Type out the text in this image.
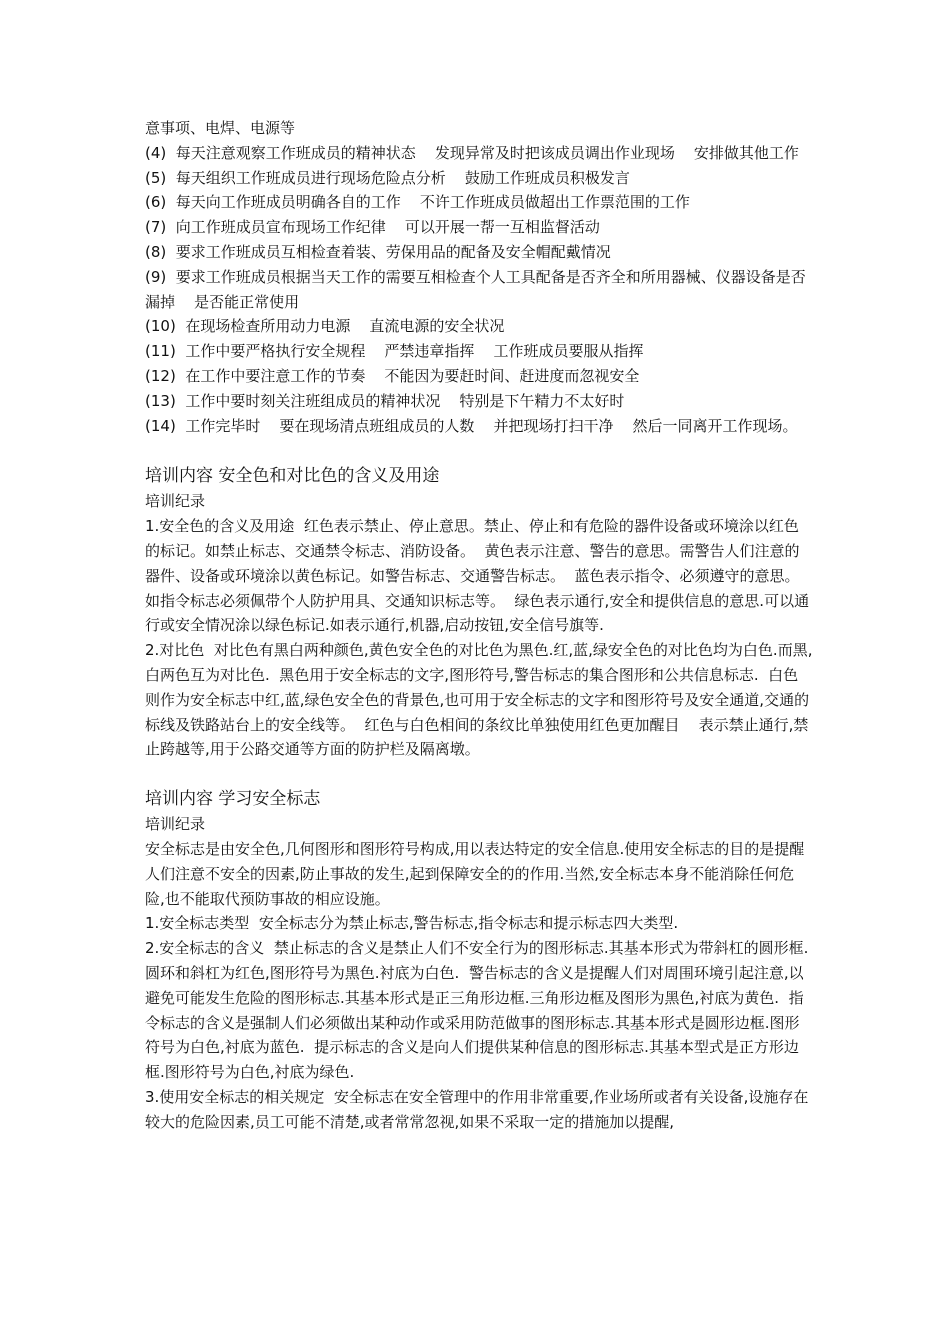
意事项、电焊、电源等

(4)  每天注意观察工作班成员的精神状态    发现异常及时把该成员调出作业现场    安排做其他工作

(5)  每天组织工作班成员进行现场危险点分析    鼓励工作班成员积极发言

(6)  每天向工作班成员明确各自的工作    不许工作班成员做超出工作票范围的工作

(7)  向工作班成员宣布现场工作纪律    可以开展一帮一互相监督活动

(8)  要求工作班成员互相检查着装、劳保用品的配备及安全帽配戴情况

(9)  要求工作班成员根据当天工作的需要互相检查个人工具配备是否齐全和所用器械、仪器设备是否漏掉    是否能正常使用

(10)  在现场检查所用动力电源    直流电源的安全状况

(11)  工作中要严格执行安全规程    严禁违章指挥    工作班成员要服从指挥

(12)  在工作中要注意工作的节奏    不能因为要赶时间、赶进度而忽视安全

(13)  工作中要时刻关注班组成员的精神状况    特别是下午精力不太好时

(14)  工作完毕时    要在现场清点班组成员的人数    并把现场打扫干净    然后一同离开工作现场。

培训内容 安全色和对比色的含义及用途

培训纪录

1.安全色的含义及用途  红色表示禁止、停止意思。禁止、停止和有危险的器件设备或环境涂以红色的标记。如禁止标志、交通禁令标志、消防设备。  黄色表示注意、警告的意思。需警告人们注意的器件、设备或环境涂以黄色标记。如警告标志、交通警告标志。  蓝色表示指令、必须遵守的意思。如指令标志必须佩带个人防护用具、交通知识标志等。  绿色表示通行,安全和提供信息的意思.可以通行或安全情况涂以绿色标记.如表示通行,机器,启动按钮,安全信号旗等.

2.对比色  对比色有黑白两种颜色,黄色安全色的对比色为黑色.红,蓝,绿安全色的对比色均为白色.而黑,白两色互为对比色.  黑色用于安全标志的文字,图形符号,警告标志的集合图形和公共信息标志.  白色则作为安全标志中红,蓝,绿色安全色的背景色,也可用于安全标志的文字和图形符号及安全通道,交通的标线及铁路站台上的安全线等。  红色与白色相间的条纹比单独使用红色更加醒目    表示禁止通行,禁止跨越等,用于公路交通等方面的防护栏及隔离墩。

培训内容 学习安全标志

培训纪录

安全标志是由安全色,几何图形和图形符号构成,用以表达特定的安全信息.使用安全标志的目的是提醒人们注意不安全的因素,防止事故的发生,起到保障安全的的作用.当然,安全标志本身不能消除任何危险,也不能取代预防事故的相应设施。

1.安全标志类型  安全标志分为禁止标志,警告标志,指令标志和提示标志四大类型.

2.安全标志的含义  禁止标志的含义是禁止人们不安全行为的图形标志.其基本形式为带斜杠的圆形框.圆环和斜杠为红色,图形符号为黑色.衬底为白色.  警告标志的含义是提醒人们对周围环境引起注意,以避免可能发生危险的图形标志.其基本形式是正三角形边框.三角形边框及图形为黑色,衬底为黄色.  指令标志的含义是强制人们必须做出某种动作或采用防范做事的图形标志.其基本形式是圆形边框.图形符号为白色,衬底为蓝色.  提示标志的含义是向人们提供某种信息的图形标志.其基本型式是正方形边框.图形符号为白色,衬底为绿色.

3.使用安全标志的相关规定  安全标志在安全管理中的作用非常重要,作业场所或者有关设备,设施存在较大的危险因素,员工可能不清楚,或者常常忽视,如果不采取一定的措施加以提醒,
